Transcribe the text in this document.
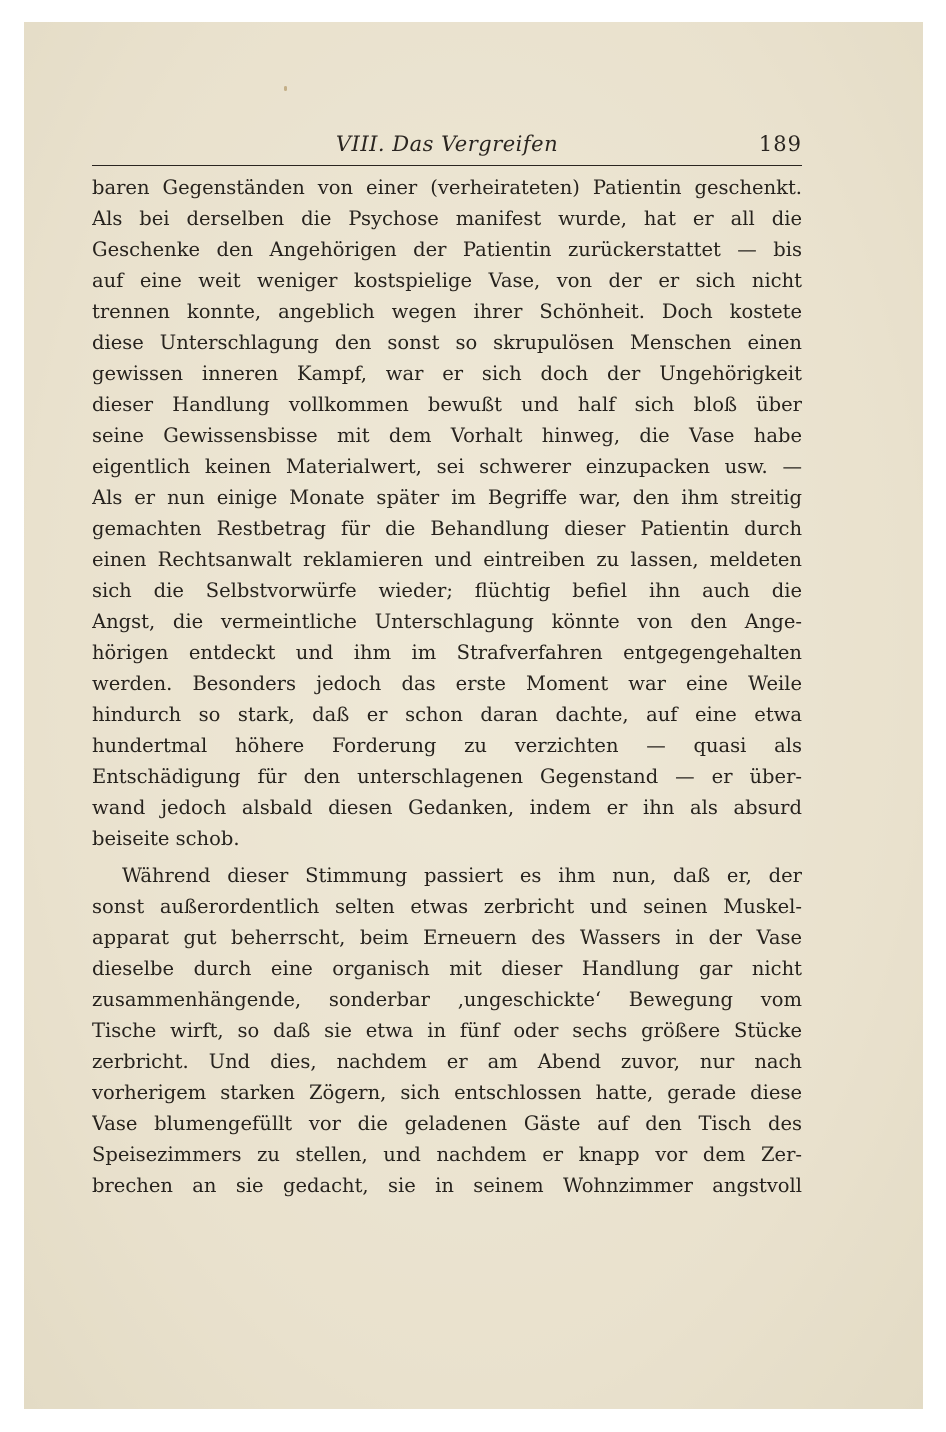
VIII. Das Vergreifen	189
baren Gegenständen von einer (verheirateten) Patientin geschenkt.
Als bei derselben die Psychose manifest wurde, hat er all die
Geschenke den Angehörigen der Patientin zurückerstattet — bis
auf eine weit weniger kostspielige Vase, von der er sich nicht
trennen konnte, angeblich wegen ihrer Schönheit. Doch kostete
diese Unterschlagung den sonst so skrupulösen Menschen einen
gewissen inneren Kampf, war er sich doch der Ungehörigkeit
dieser Handlung vollkommen bewußt und half sich bloß über
seine Gewissensbisse mit dem Vorhalt hinweg, die Vase habe
eigentlich keinen Materialwert, sei schwerer einzupacken usw. —
Als er nun einige Monate später im Begriffe war, den ihm streitig
gemachten Restbetrag für die Behandlung dieser Patientin durch
einen Rechtsanwalt reklamieren und eintreiben zu lassen, meldeten
sich die Selbstvorwürfe wieder; flüchtig befiel ihn auch die
Angst, die vermeintliche Unterschlagung könnte von den Ange-
hörigen entdeckt und ihm im Strafverfahren entgegengehalten
werden. Besonders jedoch das erste Moment war eine Weile
hindurch so stark, daß er schon daran dachte, auf eine etwa
hundertmal höhere Forderung zu verzichten — quasi als
Entschädigung für den unterschlagenen Gegenstand — er über-
wand jedoch alsbald diesen Gedanken, indem er ihn als absurd
beiseite schob.
Während dieser Stimmung passiert es ihm nun, daß er, der
sonst außerordentlich selten etwas zerbricht und seinen Muskel-
apparat gut beherrscht, beim Erneuern des Wassers in der Vase
dieselbe durch eine organisch mit dieser Handlung gar nicht
zusammenhängende, sonderbar ‚ungeschickte‘ Bewegung vom
Tische wirft, so daß sie etwa in fünf oder sechs größere Stücke
zerbricht. Und dies, nachdem er am Abend zuvor, nur nach
vorherigem starken Zögern, sich entschlossen hatte, gerade diese
Vase blumengefüllt vor die geladenen Gäste auf den Tisch des
Speisezimmers zu stellen, und nachdem er knapp vor dem Zer-
brechen an sie gedacht, sie in seinem Wohnzimmer angstvoll
